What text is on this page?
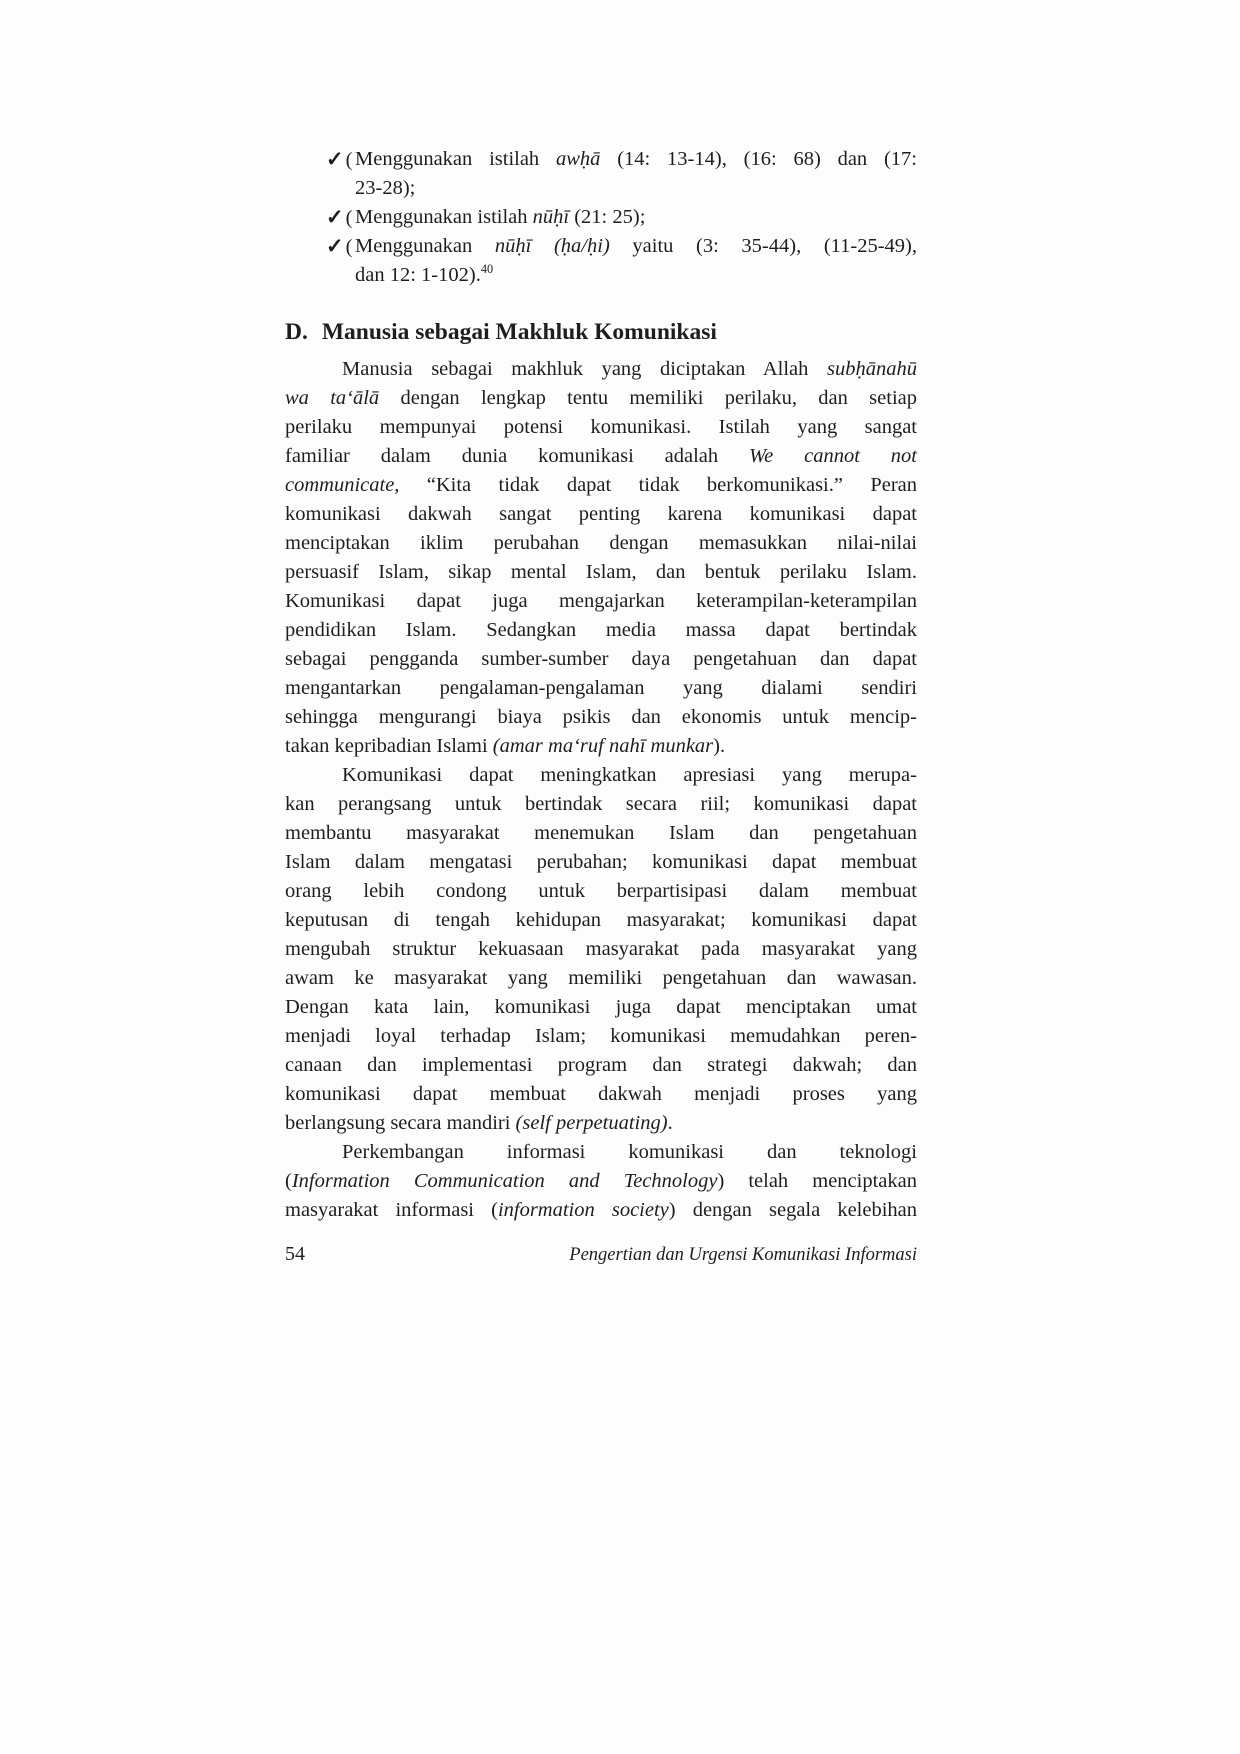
✓( Menggunakan istilah awḥā (14: 13-14), (16: 68) dan (17:
23-28);
✓( Menggunakan istilah nūḥī (21: 25);
✓( Menggunakan nūḥī (ḥa/ḥi) yaitu (3: 35-44), (11-25-49),
dan 12: 1-102).$^{40}$
D. Manusia sebagai Makhluk Komunikasi
Manusia sebagai makhluk yang diciptakan Allah subḥānahū
wa ta‘ālā dengan lengkap tentu memiliki perilaku, dan setiap
perilaku mempunyai potensi komunikasi. Istilah yang sangat
familiar dalam dunia komunikasi adalah We cannot not
communicate, “Kita tidak dapat tidak berkomunikasi.” Peran
komunikasi dakwah sangat penting karena komunikasi dapat
menciptakan iklim perubahan dengan memasukkan nilai-nilai
persuasif Islam, sikap mental Islam, dan bentuk perilaku Islam.
Komunikasi dapat juga mengajarkan keterampilan-keterampilan
pendidikan Islam. Sedangkan media massa dapat bertindak
sebagai pengganda sumber-sumber daya pengetahuan dan dapat
mengantarkan pengalaman-pengalaman yang dialami sendiri
sehingga mengurangi biaya psikis dan ekonomis untuk mencip-
takan kepribadian Islami (amar ma‘ruf nahī munkar).
Komunikasi dapat meningkatkan apresiasi yang merupa-
kan perangsang untuk bertindak secara riil; komunikasi dapat
membantu masyarakat menemukan Islam dan pengetahuan
Islam dalam mengatasi perubahan; komunikasi dapat membuat
orang lebih condong untuk berpartisipasi dalam membuat
keputusan di tengah kehidupan masyarakat; komunikasi dapat
mengubah struktur kekuasaan masyarakat pada masyarakat yang
awam ke masyarakat yang memiliki pengetahuan dan wawasan.
Dengan kata lain, komunikasi juga dapat menciptakan umat
menjadi loyal terhadap Islam; komunikasi memudahkan peren-
canaan dan implementasi program dan strategi dakwah; dan
komunikasi dapat membuat dakwah menjadi proses yang
berlangsung secara mandiri (self perpetuating).
Perkembangan informasi komunikasi dan teknologi
(Information Communication and Technology) telah menciptakan
masyarakat informasi (information society) dengan segala kelebihan
54	Pengertian dan Urgensi Komunikasi Informasi
